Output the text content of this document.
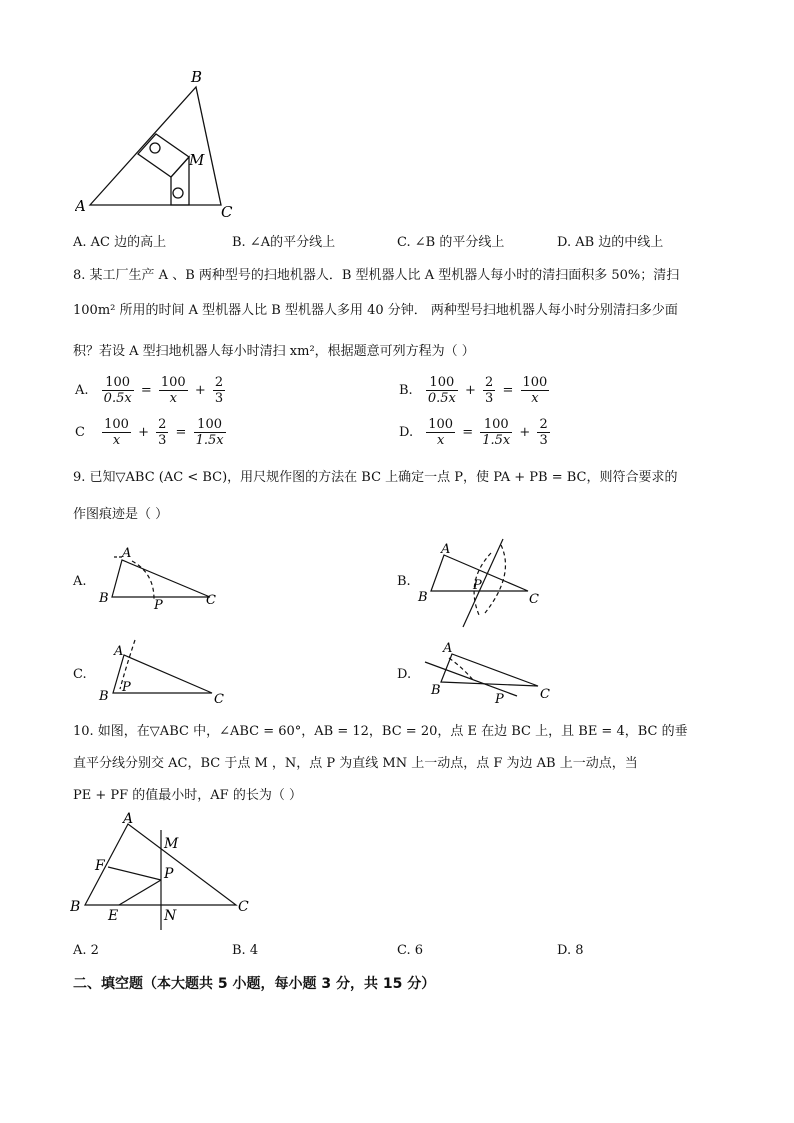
B
M
A	C
A. AC 边的高上	B. ∠A的平分线上	C. ∠B 的平分线上	D. AB 边的中线上
8. 某工厂生产 A 、B 两种型号的扫地机器人．B 型机器人比 A 型机器人每小时的清扫面积多 50%；清扫
100m² 所用的时间 A 型机器人比 B 型机器人多用 40 分钟． 两种型号扫地机器人每小时分别清扫多少面
积？若设 A 型扫地机器人每小时清扫 xm²，根据题意可列方程为（ ）
A. $\frac{100}{0.5x} = \frac{100}{x} + \frac{2}{3}$	B. $\frac{100}{0.5x} + \frac{2}{3} = \frac{100}{x}$
C $\frac{100}{x} + \frac{2}{3} = \frac{100}{1.5x}$	D. $\frac{100}{x} = \frac{100}{1.5x} + \frac{2}{3}$
9. 已知▽ABC (AC < BC)，用尺规作图的方法在 BC 上确定一点 P，使 PA + PB = BC，则符合要求的
作图痕迹是（ ）
A.
A
B	P	C
B.
A
P
B	C
C.
A
P
B	C
D.
A
B
P	C
10. 如图，在▽ABC 中，∠ABC = 60°，AB = 12，BC = 20，点 E 在边 BC 上，且 BE = 4，BC 的垂
直平分线分别交 AC，BC 于点 M ，N，点 P 为直线 MN 上一动点，点 F 为边 AB 上一动点，当
PE + PF 的值最小时，AF 的长为（ ）
A
M
F	P
B
E	N
C
A. 2	B. 4	C. 6	D. 8
二、填空题（本大题共 5 小题，每小题 3 分，共 15 分）
